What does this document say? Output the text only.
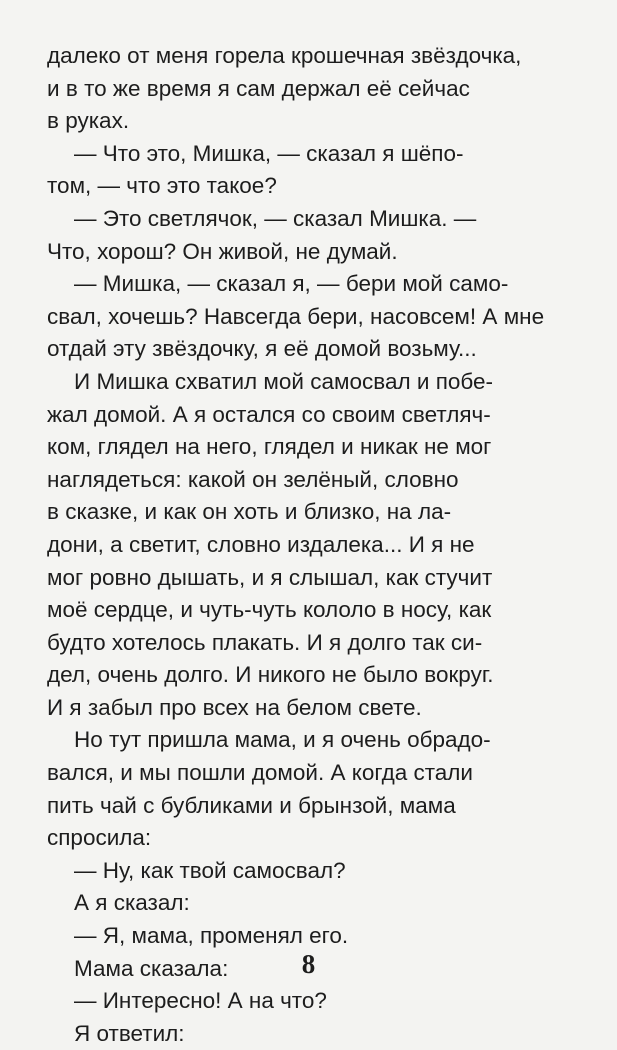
далеко от меня горела крошечная звёздочка,
и в то же время я сам держал её сейчас
в руках.
— Что это, Мишка, — сказал я шёпо-
том, — что это такое?
— Это светлячок, — сказал Мишка. —
Что, хорош? Он живой, не думай.
— Мишка, — сказал я, — бери мой само-
свал, хочешь? Навсегда бери, насовсем! А мне
отдай эту звёздочку, я её домой возьму...
И Мишка схватил мой самосвал и побе-
жал домой. А я остался со своим светляч-
ком, глядел на него, глядел и никак не мог
наглядеться: какой он зелёный, словно
в сказке, и как он хоть и близко, на ла-
дони, а светит, словно издалека... И я не
мог ровно дышать, и я слышал, как стучит
моё сердце, и чуть-чуть кололо в носу, как
будто хотелось плакать. И я долго так си-
дел, очень долго. И никого не было вокруг.
И я забыл про всех на белом свете.
Но тут пришла мама, и я очень обрадо-
вался, и мы пошли домой. А когда стали
пить чай с бубликами и брынзой, мама
спросила:
— Ну, как твой самосвал?
А я сказал:
— Я, мама, променял его.
Мама сказала:
— Интересно! А на что?
Я ответил:
8
